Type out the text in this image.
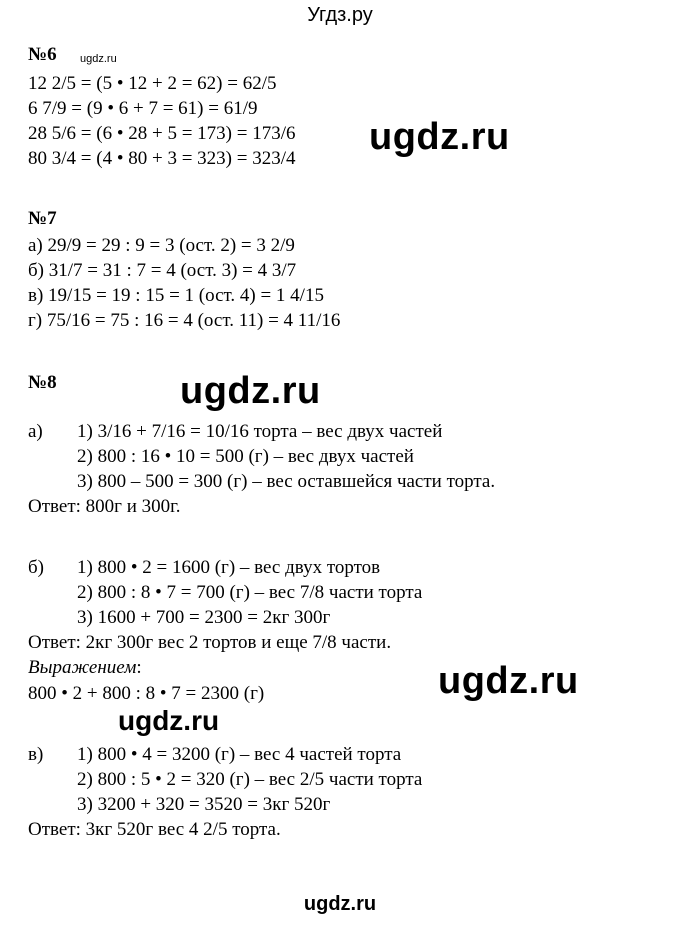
Угдз.ру
№6 ugdz.ru
12 2/5 = (5 • 12 + 2 = 62) = 62/5
6 7/9 = (9 • 6 + 7 = 61) = 61/9
28 5/6 = (6 • 28 + 5 = 173) = 173/6
80 3/4 = (4 • 80 + 3 = 323) = 323/4
ugdz.ru
№7
а) 29/9 = 29 : 9 = 3 (ост. 2) = 3 2/9
б) 31/7 = 31 : 7 = 4 (ост. 3) = 4 3/7
в) 19/15 = 19 : 15 = 1 (ост. 4) = 1 4/15
г) 75/16 = 75 : 16 = 4 (ост. 11) = 4 11/16
№8	ugdz.ru
а) 1) 3/16 + 7/16 = 10/16 торта – вес двух частей
2) 800 : 16 • 10 = 500 (г) – вес двух частей
3) 800 – 500 = 300 (г) – вес оставшейся части торта.
Ответ: 800г и 300г.
б) 1) 800 • 2 = 1600 (г) – вес двух тортов
2) 800 : 8 • 7 = 700 (г) – вес 7/8 части торта
3) 1600 + 700 = 2300 = 2кг 300г
Ответ: 2кг 300г вес 2 тортов и еще 7/8 части.
Выражением:
800 • 2 + 800 : 8 • 7 = 2300 (г)	ugdz.ru
ugdz.ru
в) 1) 800 • 4 = 3200 (г) – вес 4 частей торта
2) 800 : 5 • 2 = 320 (г) – вес 2/5 части торта
3) 3200 + 320 = 3520 = 3кг 520г
Ответ: 3кг 520г вес 4 2/5 торта.
ugdz.ru
